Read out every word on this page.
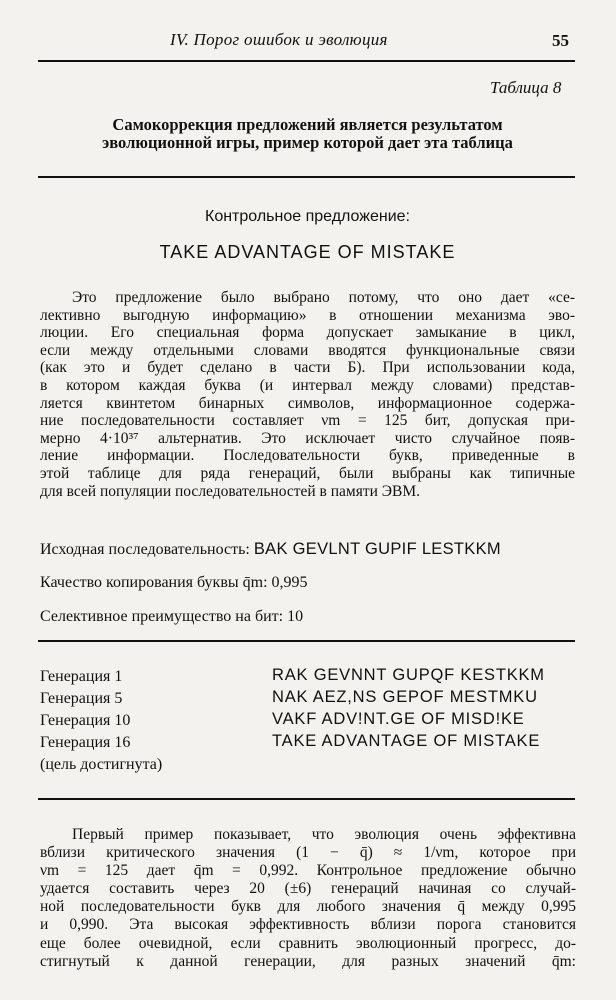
IV. Порог ошибок и эволюция	55
Таблица 8
Самокоррекция предложений является результатом
эволюционной игры, пример которой дает эта таблица
Контрольное предложение:
TAKE ADVANTAGE OF MISTAKE
Это предложение было выбрано потому, что оно дает «се-
лективно выгодную информацию» в отношении механизма эво-
люции. Его специальная форма допускает замыкание в цикл,
если между отдельными словами вводятся функциональные связи
(как это и будет сделано в части Б). При использовании кода,
в котором каждая буква (и интервал между словами) представ-
ляется квинтетом бинарных символов, информационное содержа-
ние последовательности составляет νm = 125 бит, допуская при-
мерно 4·10³⁷ альтернатив. Это исключает чисто случайное появ-
ление информации. Последовательности букв, приведенные в
этой таблице для ряда генераций, были выбраны как типичные
для всей популяции последовательностей в памяти ЭВМ.
Исходная последовательность: BAK GEVLNT GUPIF LESTKKM
Качество копирования буквы q̄m: 0,995
Селективное преимущество на бит: 10
Генерация 1	RAK GEVNNT GUPQF KESTKKM
Генерация 5	NAK AEZ,NS GEPOF MESTMKU
Генерация 10	VAKF ADV!NT.GE OF MISD!KE
Генерация 16	TAKE ADVANTAGE OF MISTAKE
(цель достигнута)
Первый пример показывает, что эволюция очень эффективна
вблизи критического значения (1 − q̄) ≈ 1/νm, которое при
νm = 125 дает q̄m = 0,992. Контрольное предложение обычно
удается составить через 20 (±6) генераций начиная со случай-
ной последовательности букв для любого значения q̄ между 0,995
и 0,990. Эта высокая эффективность вблизи порога становится
еще более очевидной, если сравнить эволюционный прогресс, до-
стигнутый к данной генерации, для разных значений q̄m:
